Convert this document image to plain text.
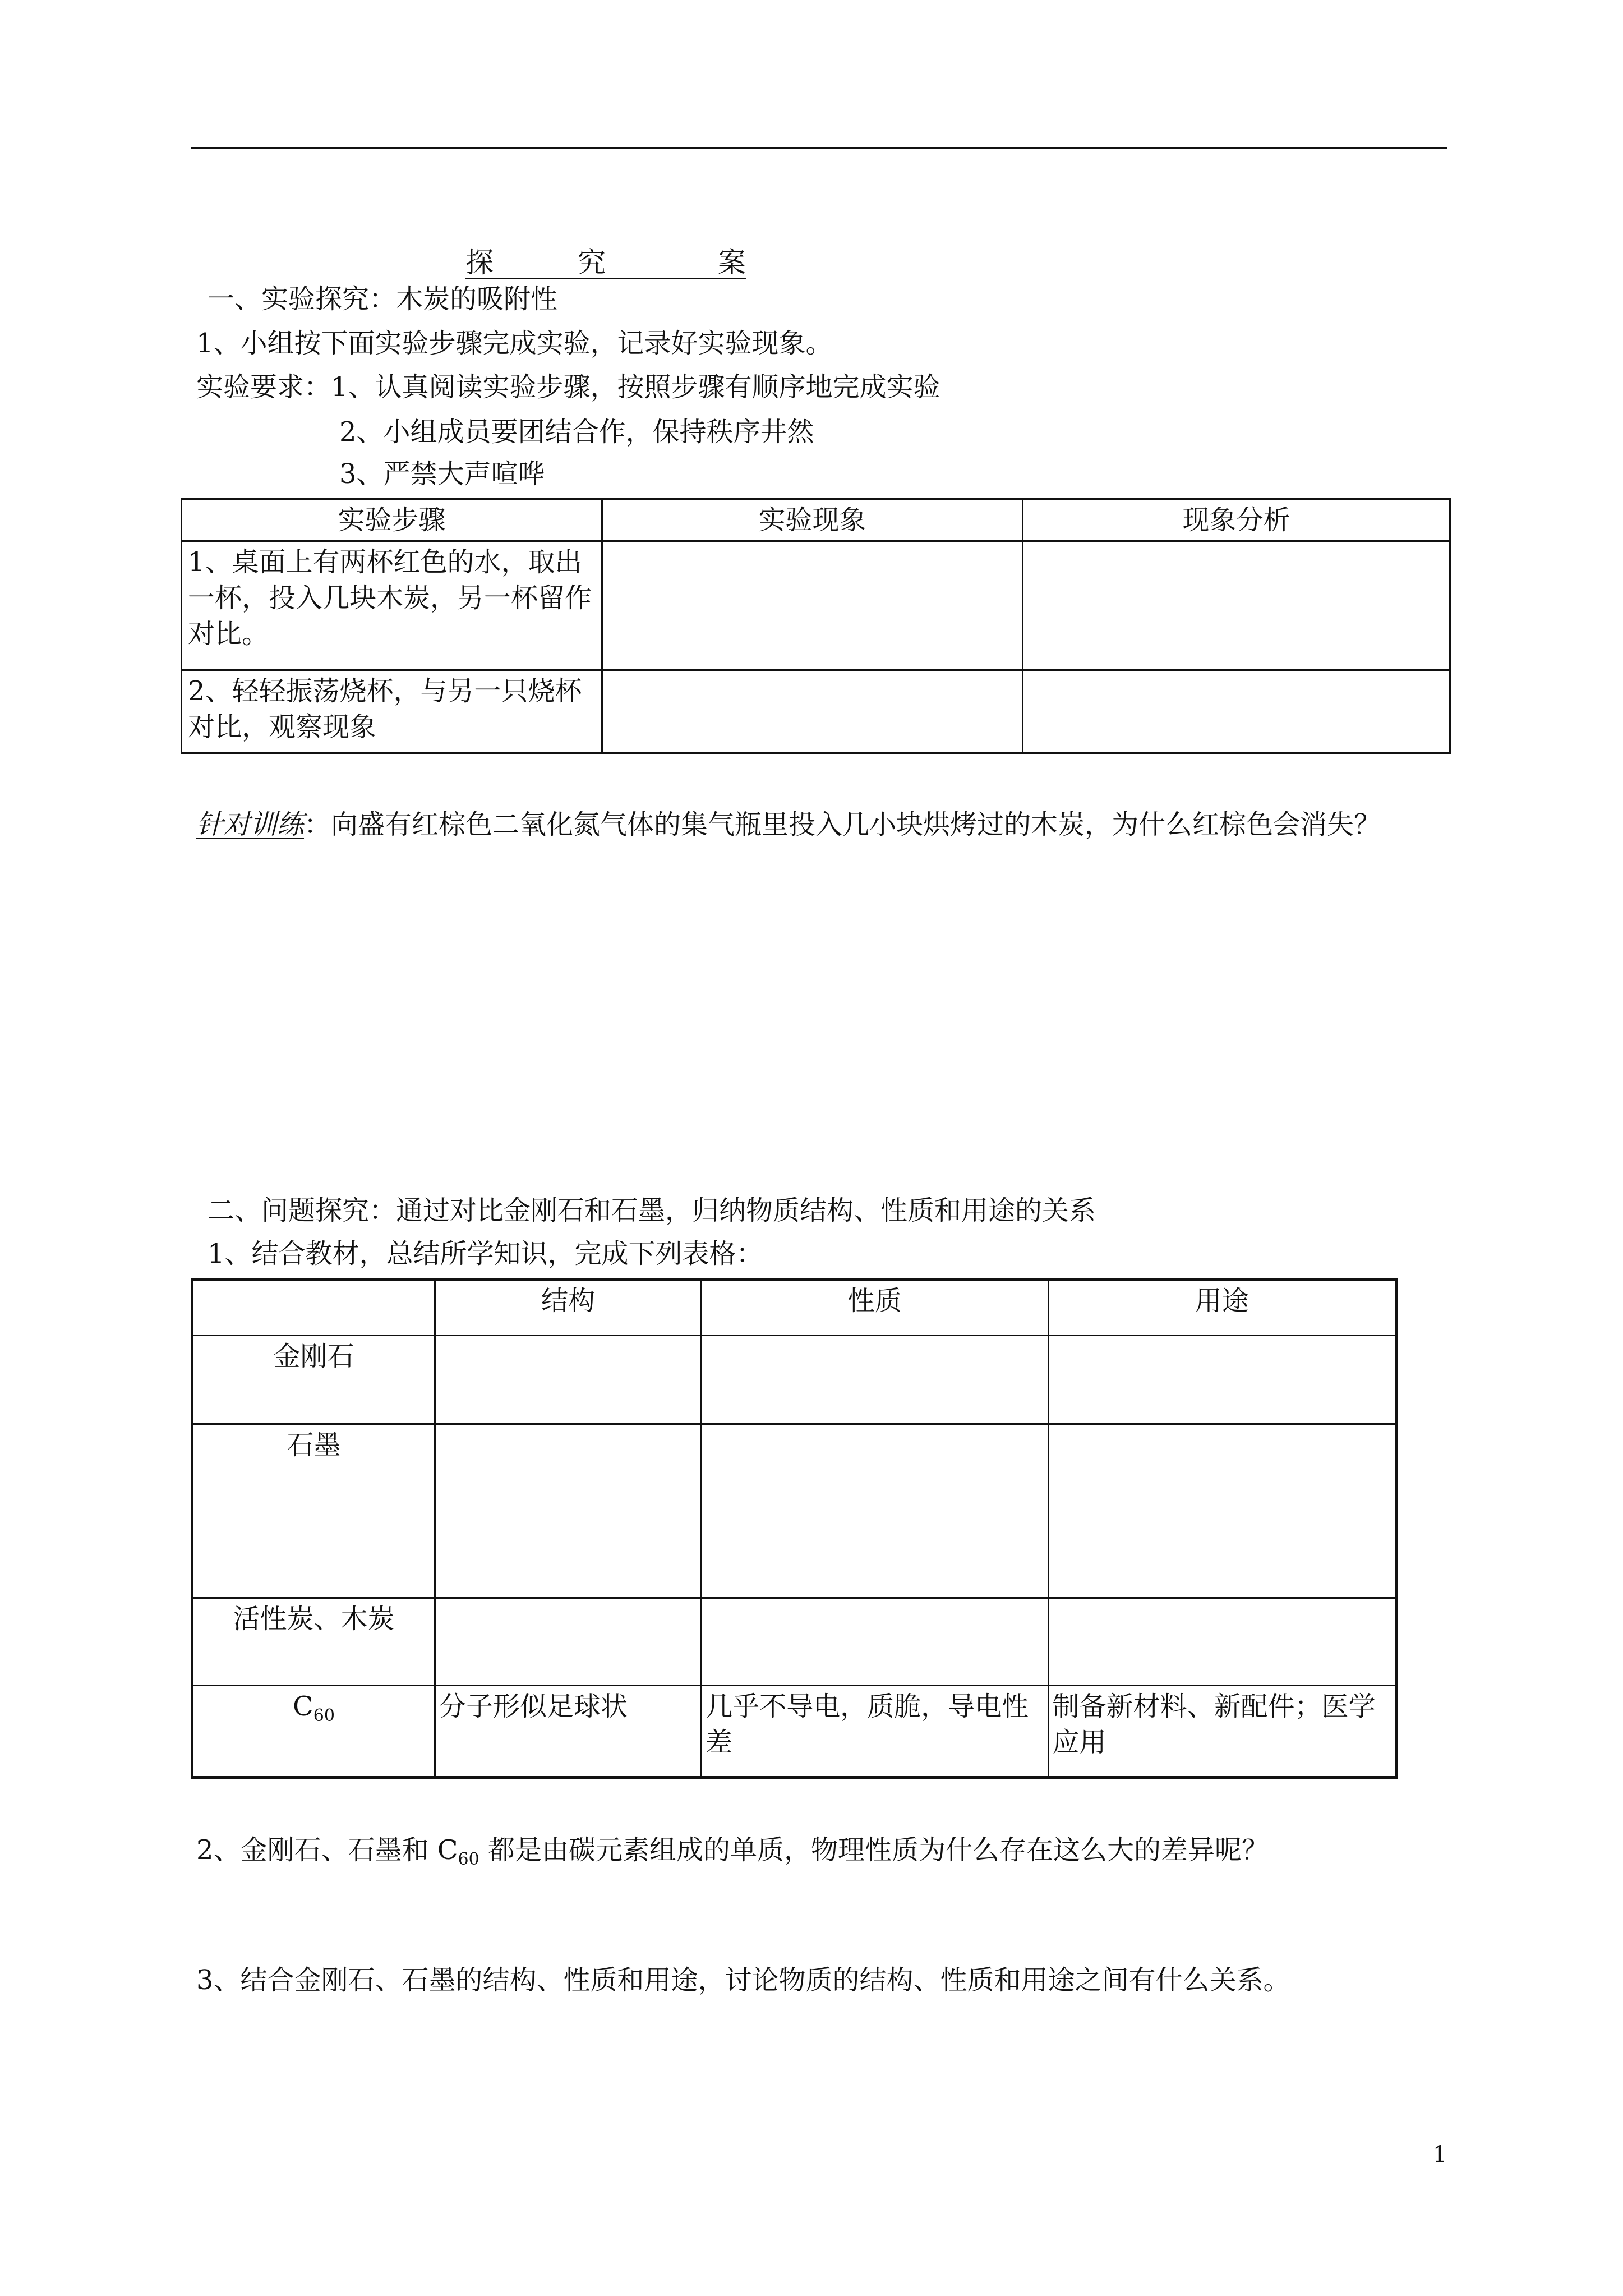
探　　　究　　　　案
一、实验探究：木炭的吸附性
1、小组按下面实验步骤完成实验，记录好实验现象。
实验要求：1、认真阅读实验步骤，按照步骤有顺序地完成实验
2、小组成员要团结合作，保持秩序井然
3、严禁大声喧哗
实验步骤	实验现象	现象分析
1、桌面上有两杯红色的水，取出一杯，投入几块木炭，另一杯留作对比。		
2、轻轻振荡烧杯，与另一只烧杯对比，观察现象		
针对训练：向盛有红棕色二氧化氮气体的集气瓶里投入几小块烘烤过的木炭，为什么红棕色会消失？
二、问题探究：通过对比金刚石和石墨，归纳物质结构、性质和用途的关系
1、结合教材，总结所学知识，完成下列表格：
	结构	性质	用途
金刚石			
石墨			
活性炭、木炭			
$C_{60}$	分子形似足球状	几乎不导电，质脆，导电性差	制备新材料、新配件；医学应用
2、金刚石、石墨和 $C_{60}$ 都是由碳元素组成的单质，物理性质为什么存在这么大的差异呢？
3、结合金刚石、石墨的结构、性质和用途，讨论物质的结构、性质和用途之间有什么关系。
1
